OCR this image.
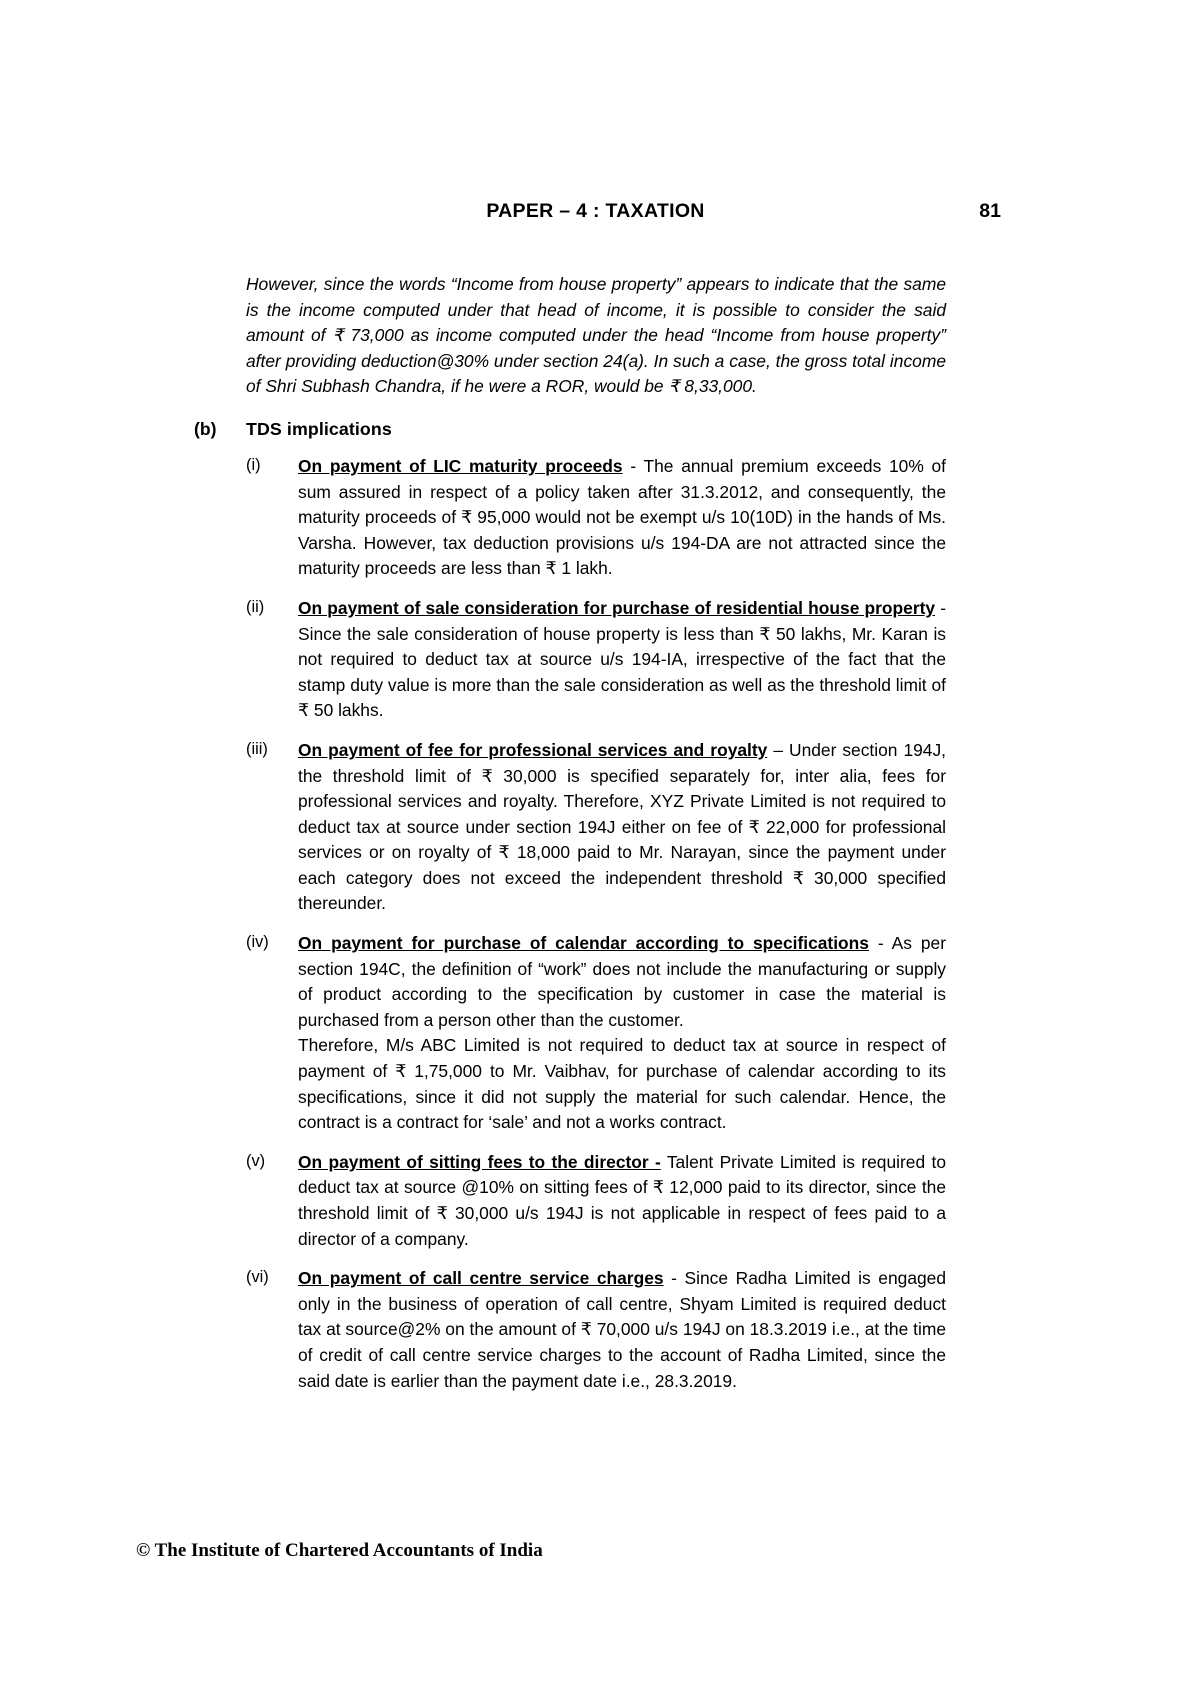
PAPER – 4 : TAXATION	81

However, since the words “Income from house property” appears to indicate that the same is the income computed under that head of income, it is possible to consider the said amount of ₹ 73,000 as income computed under the head “Income from house property” after providing deduction@30% under section 24(a). In such a case, the gross total income of Shri Subhash Chandra, if he were a ROR, would be ₹ 8,33,000.

(b) TDS implications
(i) On payment of LIC maturity proceeds - The annual premium exceeds 10% of sum assured in respect of a policy taken after 31.3.2012, and consequently, the maturity proceeds of ₹ 95,000 would not be exempt u/s 10(10D) in the hands of Ms. Varsha. However, tax deduction provisions u/s 194-DA are not attracted since the maturity proceeds are less than ₹ 1 lakh.

(ii) On payment of sale consideration for purchase of residential house property - Since the sale consideration of house property is less than ₹ 50 lakhs, Mr. Karan is not required to deduct tax at source u/s 194-IA, irrespective of the fact that the stamp duty value is more than the sale consideration as well as the threshold limit of ₹ 50 lakhs.

(iii) On payment of fee for professional services and royalty – Under section 194J, the threshold limit of ₹ 30,000 is specified separately for, inter alia, fees for professional services and royalty. Therefore, XYZ Private Limited is not required to deduct tax at source under section 194J either on fee of ₹ 22,000 for professional services or on royalty of ₹ 18,000 paid to Mr. Narayan, since the payment under each category does not exceed the independent threshold ₹ 30,000 specified thereunder.

(iv) On payment for purchase of calendar according to specifications - As per section 194C, the definition of “work” does not include the manufacturing or supply of product according to the specification by customer in case the material is purchased from a person other than the customer.

Therefore, M/s ABC Limited is not required to deduct tax at source in respect of payment of ₹ 1,75,000 to Mr. Vaibhav, for purchase of calendar according to its specifications, since it did not supply the material for such calendar. Hence, the contract is a contract for ‘sale’ and not a works contract.

(v) On payment of sitting fees to the director - Talent Private Limited is required to deduct tax at source @10% on sitting fees of ₹ 12,000 paid to its director, since the threshold limit of ₹ 30,000 u/s 194J is not applicable in respect of fees paid to a director of a company.

(vi) On payment of call centre service charges - Since Radha Limited is engaged only in the business of operation of call centre, Shyam Limited is required deduct tax at source@2% on the amount of ₹ 70,000 u/s 194J on 18.3.2019 i.e., at the time of credit of call centre service charges to the account of Radha Limited, since the said date is earlier than the payment date i.e., 28.3.2019.

© The Institute of Chartered Accountants of India
